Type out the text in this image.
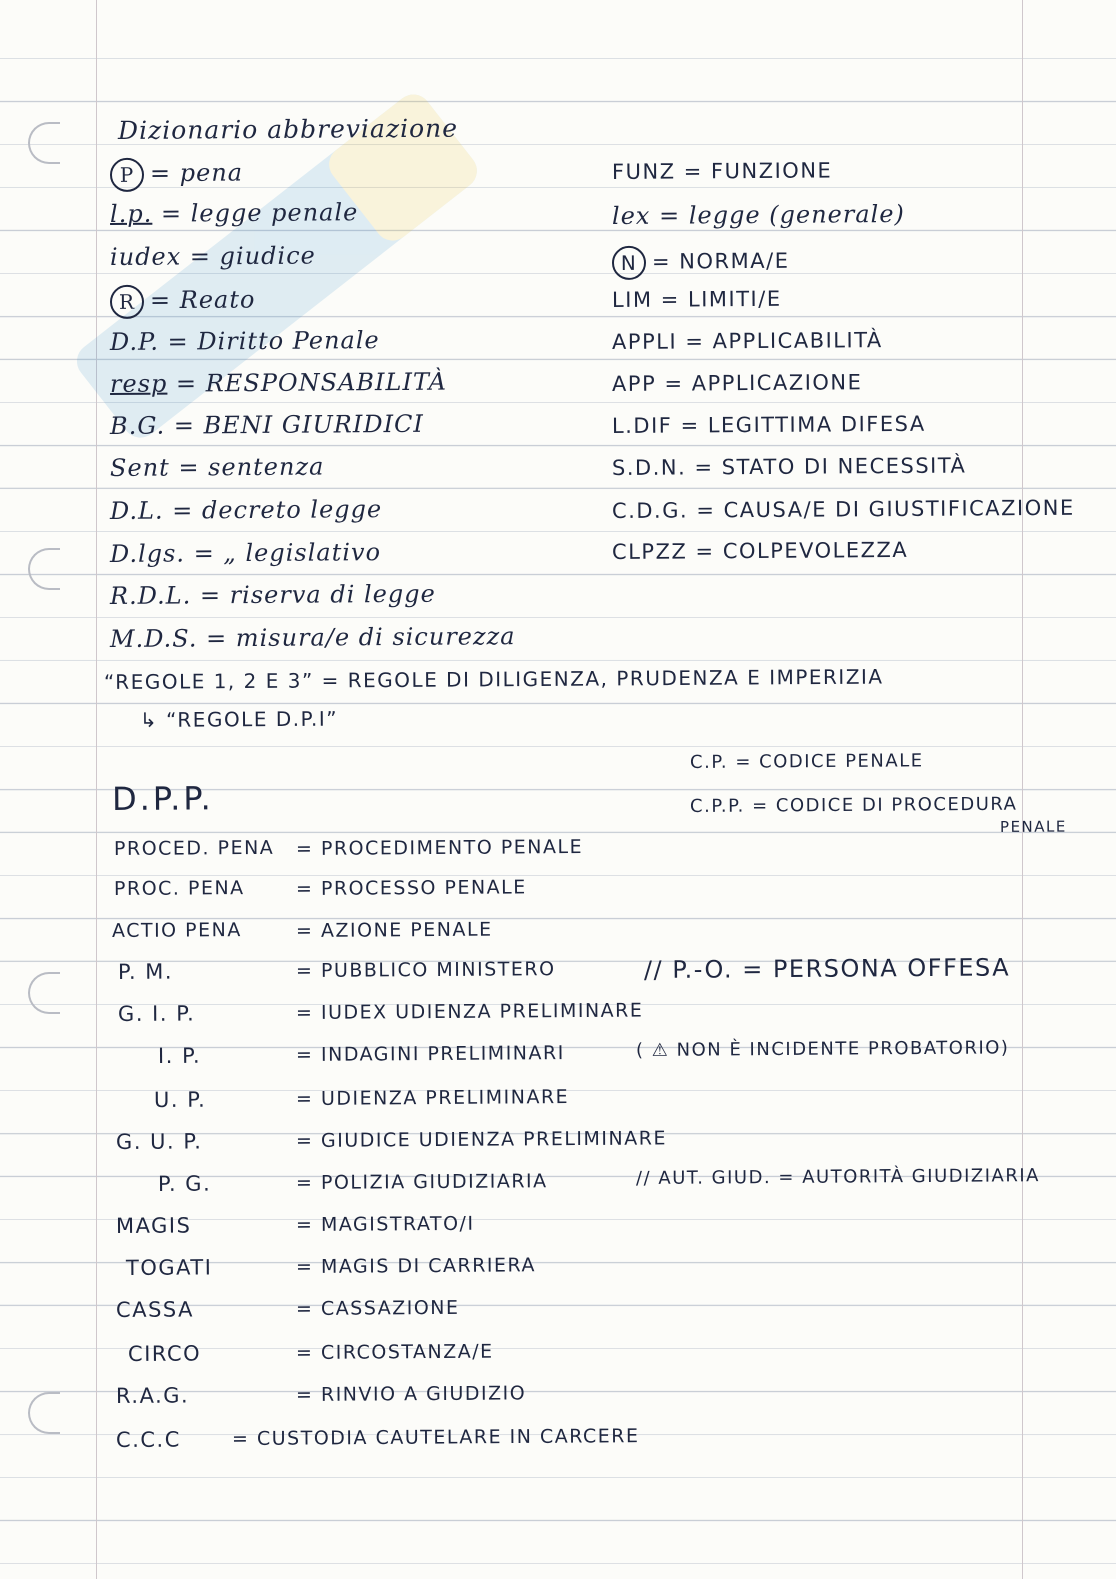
Dizionario abbreviazione
P = pena
l.p. = legge penale
iudex = giudice
R = Reato
D.P. = Diritto Penale
resp = RESPONSABILITÀ
B.G. = BENI GIURIDICI
Sent = sentenza
D.L. = decreto legge
D.lgs. = „ legislativo
R.D.L. = riserva di legge
M.D.S. = misura/e di sicurezza
FUNZ = FUNZIONE
lex = legge (generale)
N = NORMA/E
LIM = LIMITI/E
APPLI = APPLICABILITÀ
APP = APPLICAZIONE
L.DIF = LEGITTIMA DIFESA
S.D.N. = STATO DI NECESSITÀ
C.D.G. = CAUSA/E DI GIUSTIFICAZIONE
CLPZZ = COLPEVOLEZZA
“REGOLE 1, 2 E 3” = REGOLE DI DILIGENZA, PRUDENZA E IMPERIZIA
↳ “REGOLE D.P.I”
C.P. = CODICE PENALE
C.P.P. = CODICE DI PROCEDURA
PENALE
D.P.P.
PROCED. PENA = PROCEDIMENTO PENALE
PROC. PENA	= PROCESSO PENALE
ACTIO PENA	= AZIONE PENALE
P. M.	= PUBBLICO MINISTERO	// P.-O. = PERSONA OFFESA
G. I. P.	= IUDEX UDIENZA PRELIMINARE
I. P.	= INDAGINI PRELIMINARI	( ⚠ NON È INCIDENTE PROBATORIO)
U. P.	= UDIENZA PRELIMINARE
G. U. P.	= GIUDICE UDIENZA PRELIMINARE
P. G.	= POLIZIA GIUDIZIARIA	// AUT. GIUD. = AUTORITÀ GIUDIZIARIA
MAGIS	= MAGISTRATO/I
TOGATI	= MAGIS DI CARRIERA
CASSA	= CASSAZIONE
CIRCO	= CIRCOSTANZA/E
R.A.G.	= RINVIO A GIUDIZIO
C.C.C	= CUSTODIA CAUTELARE IN CARCERE
